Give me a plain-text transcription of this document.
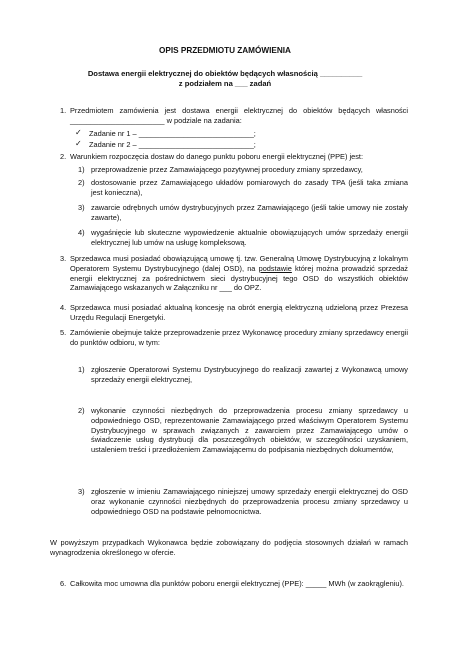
OPIS PRZEDMIOTU ZAMÓWIENIA
Dostawa energii elektrycznej do obiektów będących własnością __________
z podziałem na ___ zadań
1. Przedmiotem zamówienia jest dostawa energii elektrycznej do obiektów będących własności _______________________ w podziale na zadania:
✓ Zadanie nr 1 – ____________________________;
✓ Zadanie nr 2 – ____________________________;
2. Warunkiem rozpoczęcia dostaw do danego punktu poboru energii elektrycznej (PPE) jest:
1) przeprowadzenie przez Zamawiającego pozytywnej procedury zmiany sprzedawcy,
2) dostosowanie przez Zamawiającego układów pomiarowych do zasady TPA (jeśli taka zmiana jest konieczna),
3) zawarcie odrębnych umów dystrybucyjnych przez Zamawiającego (jeśli takie umowy nie zostały zawarte),
4) wygaśnięcie lub skuteczne wypowiedzenie aktualnie obowiązujących umów sprzedaży energii elektrycznej lub umów na usługę kompleksową.
3. Sprzedawca musi posiadać obowiązującą umowę tj. tzw. Generalną Umowę Dystrybucyjną z lokalnym Operatorem Systemu Dystrybucyjnego (dalej OSD), na podstawie której można prowadzić sprzedaż energii elektrycznej za pośrednictwem sieci dystrybucyjnej tego OSD do wszystkich obiektów Zamawiającego wskazanych w Załączniku nr ___ do OPZ.
4. Sprzedawca musi posiadać aktualną koncesję na obrót energią elektryczną udzieloną przez Prezesa Urzędu Regulacji Energetyki.
5. Zamówienie obejmuje także przeprowadzenie przez Wykonawcę procedury zmiany sprzedawcy energii do punktów odbioru, w tym:
1) zgłoszenie Operatorowi Systemu Dystrybucyjnego do realizacji zawartej z Wykonawcą umowy sprzedaży energii elektrycznej,
2) wykonanie czynności niezbędnych do przeprowadzenia procesu zmiany sprzedawcy u odpowiedniego OSD, reprezentowanie Zamawiającego przed właściwym Operatorem Systemu Dystrybucyjnego w sprawach związanych z zawarciem przez Zamawiającego umów o świadczenie usług dystrybucji dla poszczególnych obiektów, w szczególności uzyskaniem, ustaleniem treści i przedłożeniem Zamawiającemu do podpisania niezbędnych dokumentów,
3) zgłoszenie w imieniu Zamawiającego niniejszej umowy sprzedaży energii elektrycznej do OSD oraz wykonanie czynności niezbędnych do przeprowadzenia procesu zmiany sprzedawcy u odpowiedniego OSD na podstawie pełnomocnictwa.
W powyższym przypadkach Wykonawca będzie zobowiązany do podjęcia stosownych działań w ramach wynagrodzenia określonego w ofercie.
6. Całkowita moc umowna dla punktów poboru energii elektrycznej (PPE): _____ MWh (w zaokrągleniu).
